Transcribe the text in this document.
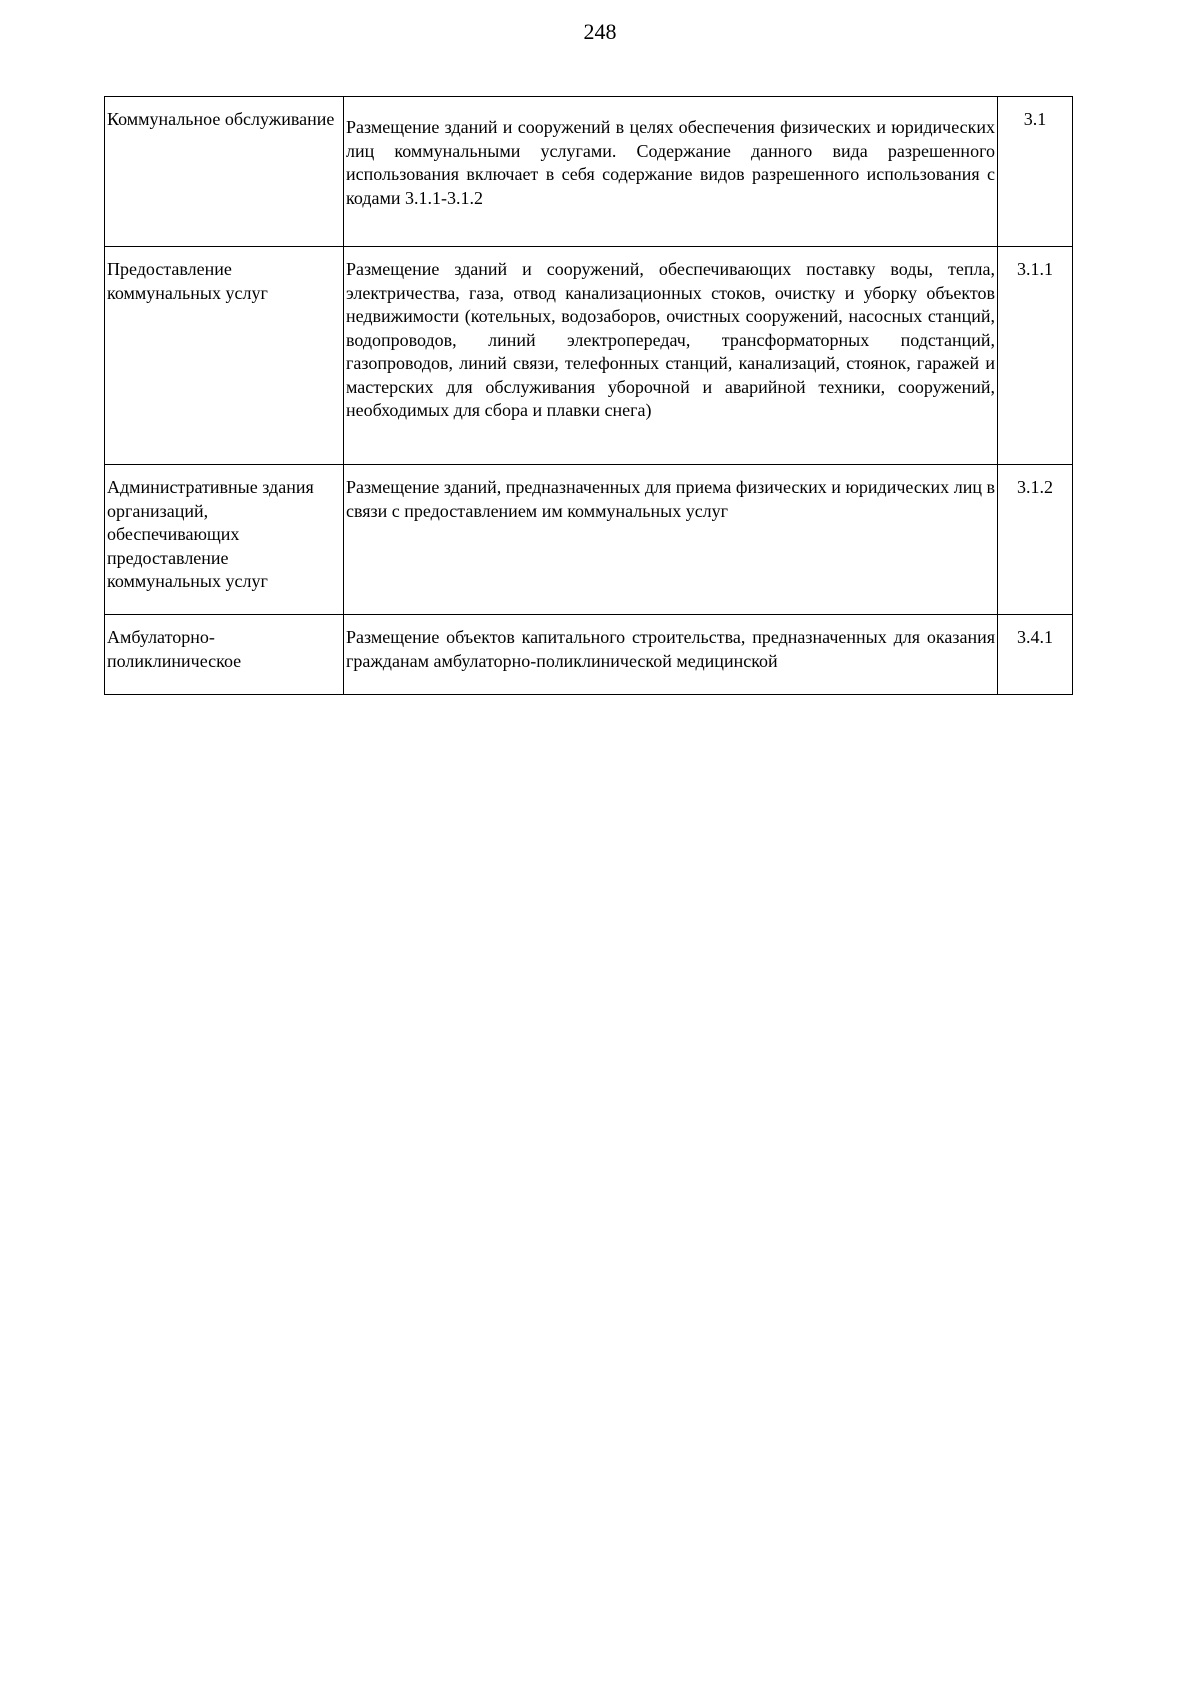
248
Коммунальное обслуживание	Размещение зданий и сооружений в целях обеспечения физических и юридических лиц коммунальными услугами. Содержание данного вида разрешенного использования включает в себя содержание видов разрешенного использования с кодами 3.1.1-3.1.2	3.1
Предоставление коммунальных услуг	Размещение зданий и сооружений, обеспечивающих поставку воды, тепла, электричества, газа, отвод канализационных стоков, очистку и уборку объектов недвижимости (котельных, водозаборов, очистных сооружений, насосных станций, водопроводов, линий электропередач, трансформаторных подстанций, газопроводов, линий связи, телефонных станций, канализаций, стоянок, гаражей и мастерских для обслуживания уборочной и аварийной техники, сооружений, необходимых для сбора и плавки снега)	3.1.1
Административные здания организаций, обеспечивающих предоставление коммунальных услуг	Размещение зданий, предназначенных для приема физических и юридических лиц в связи с предоставлением им коммунальных услуг	3.1.2
Амбулаторно-поликлиническое	Размещение объектов капитального строительства, предназначенных для оказания гражданам амбулаторно-поликлинической медицинской	3.4.1
